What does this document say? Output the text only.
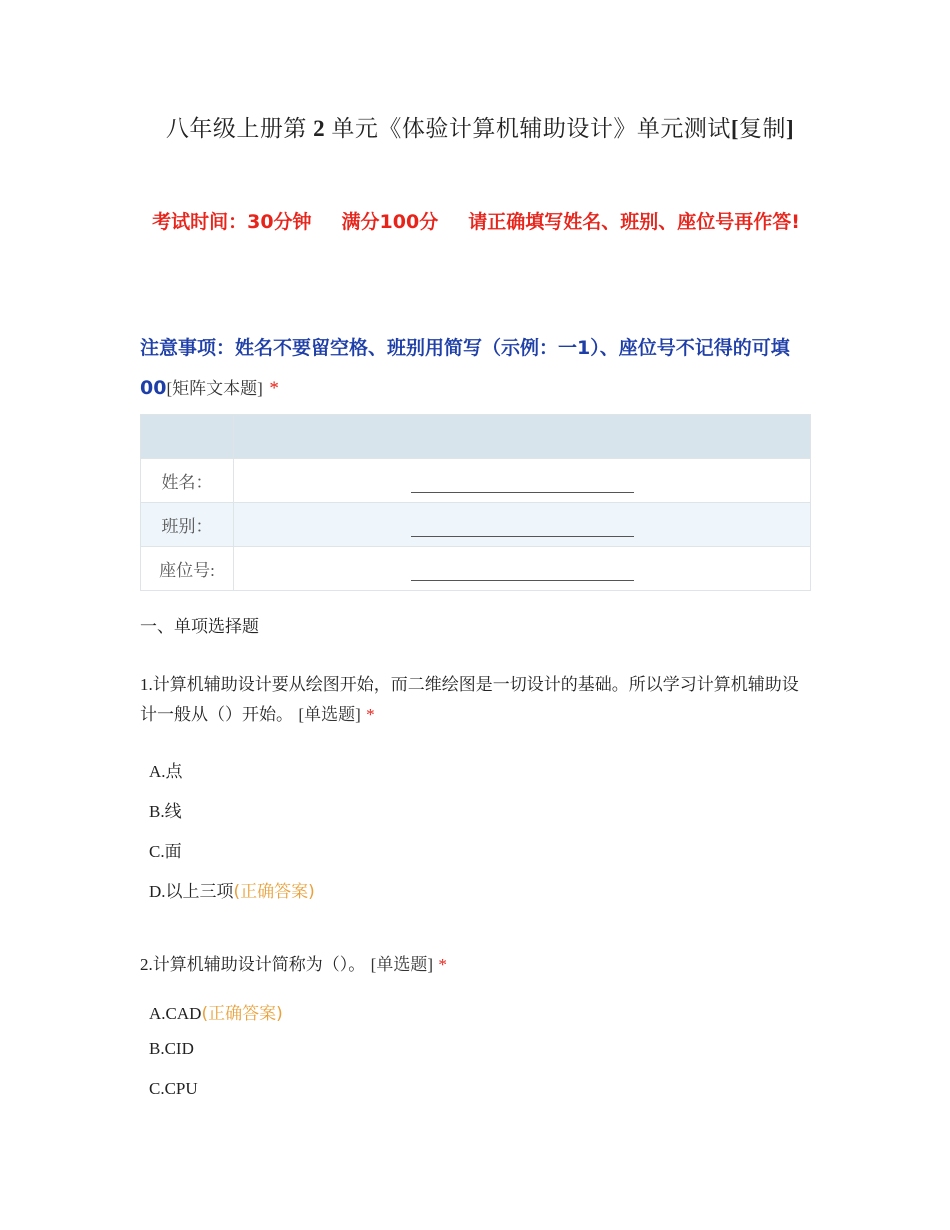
八年级上册第 2 单元《体验计算机辅助设计》单元测试[复制]
考试时间：30分钟 满分100分 请正确填写姓名、班别、座位号再作答!
注意事项：姓名不要留空格、班别用简写（示例：一1）、座位号不记得的可填00[矩阵文本题] *

姓名：	
班别：	
座位号:	
一、单项选择题
1.计算机辅助设计要从绘图开始，而二维绘图是一切设计的基础。所以学习计算机辅助设计一般从（）开始。 [单选题] *
A.点
B.线
C.面
D.以上三项(正确答案)
2.计算机辅助设计简称为（）。 [单选题] *
A.CAD(正确答案)
B.CID
C.CPU
